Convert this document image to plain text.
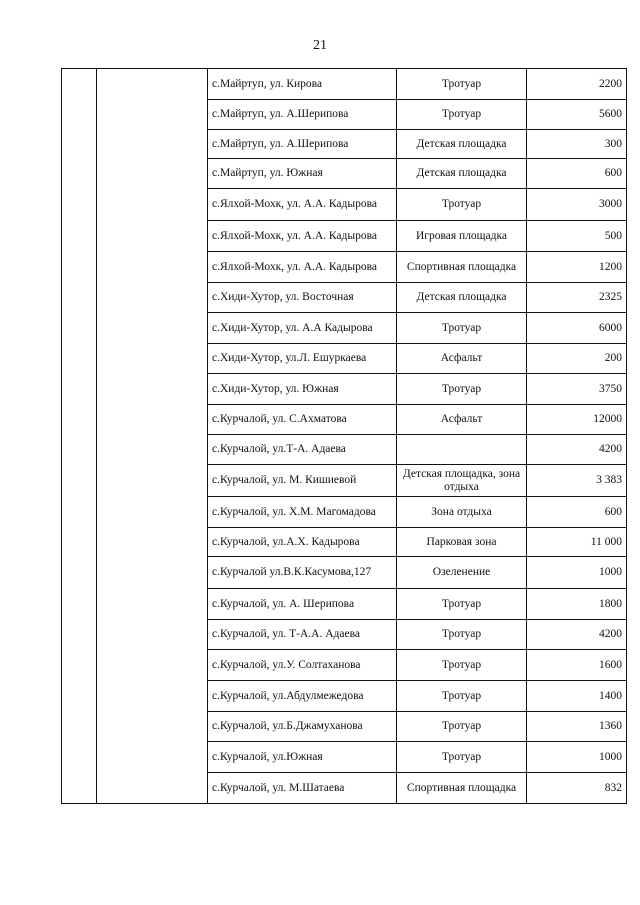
21

		с.Майртуп, ул. Кирова	Тротуар	2200

		с.Майртуп, ул. А.Шерипова	Тротуар	5600

		с.Майртуп, ул. А.Шерипова	Детская площадка	300

		с.Майртуп, ул. Южная	Детская площадка	600

		с.Ялхой-Мохк, ул. А.А. Кадырова	Тротуар	3000

		с.Ялхой-Мохк, ул. А.А. Кадырова	Игровая площадка	500

		с.Ялхой-Мохк, ул. А.А. Кадырова	Спортивная площадка	1200

		с.Хиди-Хутор, ул. Восточная	Детская площадка	2325

		с.Хиди-Хутор, ул. А.А Кадырова	Тротуар	6000

		с.Хиди-Хутор, ул.Л. Ешуркаева	Асфальт	200

		с.Хиди-Хутор, ул. Южная	Тротуар	3750

		с.Курчалой, ул. С.Ахматова	Асфальт	12000

		с.Курчалой, ул.Т-А. Адаева		4200

		с.Курчалой, ул. М. Кишиевой	Детская площадка, зона отдыха	3 383

		с.Курчалой, ул. Х.М. Магомадова	Зона отдыха	600

		с.Курчалой, ул.А.Х. Кадырова	Парковая зона	11 000

		с.Курчалой ул.В.К.Касумова,127	Озеленение	1000

		с.Курчалой, ул. А. Шерипова	Тротуар	1800

		с.Курчалой, ул. Т-А.А. Адаева	Тротуар	4200

		с.Курчалой, ул.У. Солтаханова	Тротуар	1600

		с.Курчалой, ул.Абдулмежедова	Тротуар	1400

		с.Курчалой, ул.Б.Джамуханова	Тротуар	1360

		с.Курчалой, ул.Южная	Тротуар	1000

		с.Курчалой, ул. М.Шатаева	Спортивная площадка	832
